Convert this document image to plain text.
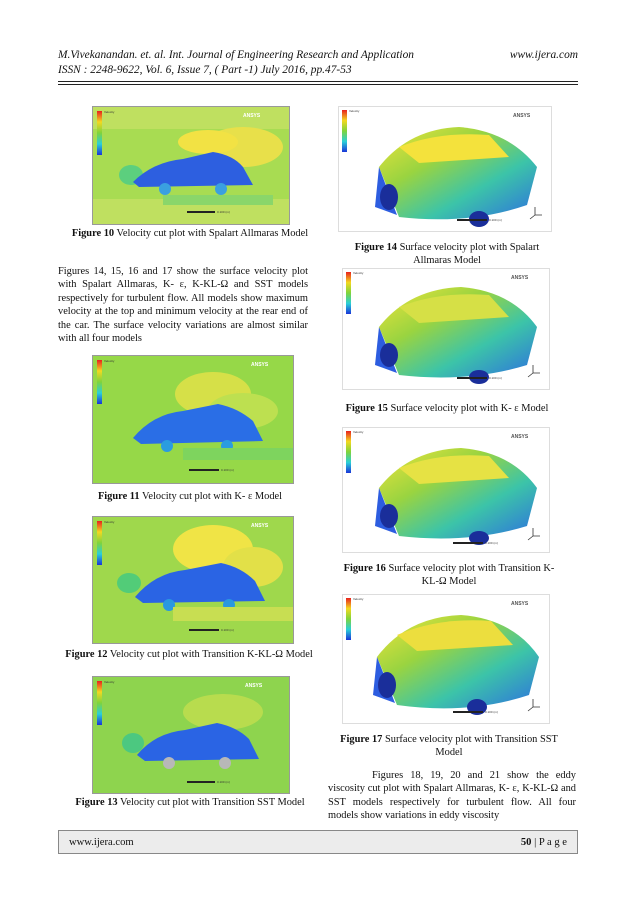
M.Vivekanandan. et. al. Int. Journal of Engineering Research and Application	www.ijera.com
ISSN : 2248-9622, Vol. 6, Issue 7, ( Part -1) July 2016, pp.47-53
Velocity
ANSYS
0.100 (m)
Figure 10 Velocity cut plot with Spalart Allmaras Model
Figures 14, 15, 16 and 17 show the surface velocity plot with Spalart Allmaras, K- ε, K-KL-Ω and SST models respectively for turbulent flow. All models show maximum velocity at the top and minimum velocity at the rear end of the car. The surface velocity variations are almost similar with all four models
Velocity
ANSYS
0.100 (m)
Figure 11 Velocity cut plot with K- ε Model
Velocity
ANSYS
0.100 (m)
Figure 12 Velocity cut plot with Transition K-KL-Ω Model
Velocity
ANSYS
0.100 (m)
Figure 13 Velocity cut plot with Transition SST Model
Velocity
ANSYS
0.100 (m)
Figure 14 Surface velocity plot with Spalart Allmaras Model
Velocity
ANSYS
0.100 (m)
Figure 15 Surface velocity plot with K- ε Model
Velocity
ANSYS
0.100 (m)
Figure 16 Surface velocity plot with Transition K-KL-Ω Model
Velocity
ANSYS
0.100 (m)
Figure 17 Surface velocity plot with Transition SST Model
Figures 18, 19, 20 and 21 show the eddy viscosity cut plot with Spalart Allmaras, K- ε, K-KL-Ω and SST models respectively for turbulent flow. All four models show variations in eddy viscosity
www.ijera.com	50 | P a g e
